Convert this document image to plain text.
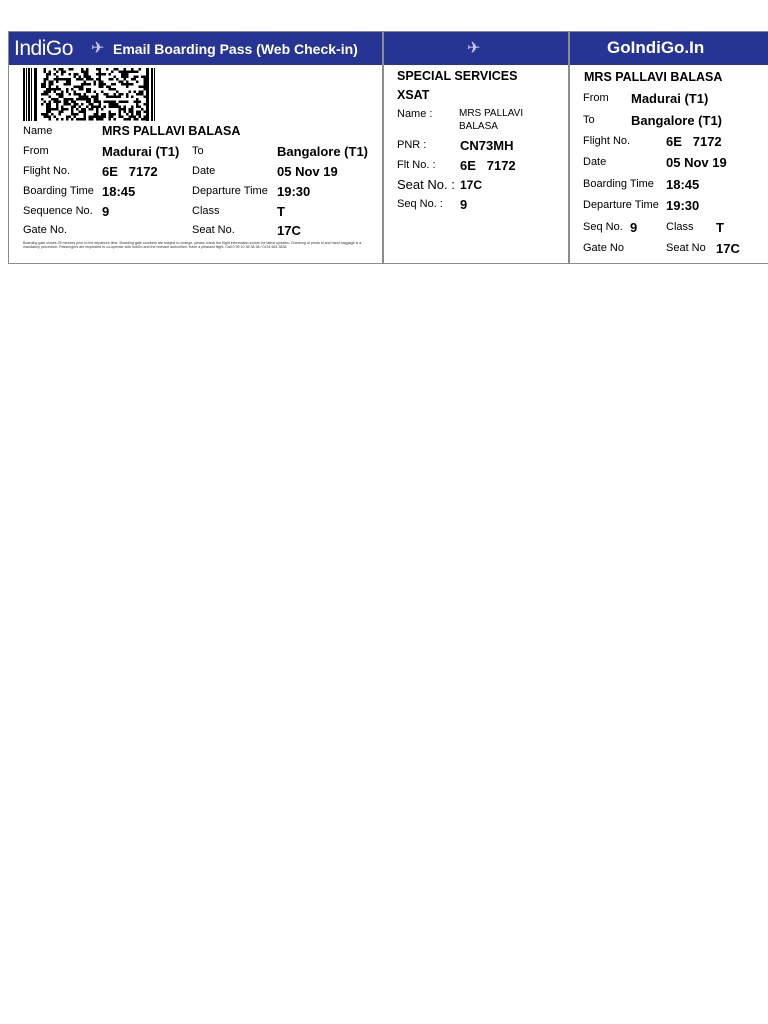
IndiGo ✈ Email Boarding Pass (Web Check-in)	✈	GoIndiGo.In
Name	MRS PALLAVI BALASA
From	Madurai (T1) To	Bangalore (T1)
Flight No. 6E   7172	Date	05 Nov 19
Boarding Time 18:45	Departure Time 19:30
Sequence No. 9	Class	T
Gate No.	Seat No.	17C
Boarding gate closes 25 minutes prior to the departure time. Boarding gate numbers are subject to change, please check the flight information screen for latest updates. Checking of photo id and hand baggage is a mandatory procedure. Passengers are requested to co-operate with IndiGo and the relevant authorities. Have a pleasant flight. Call 0 99 10 38 38 38 / 0124 661 3838
SPECIAL SERVICES
XSAT
Name :	MRS PALLAVI
BALASA
PNR :	CN73MH
Flt No. : 6E   7172
Seat No. : 17C
Seq No. : 9
MRS PALLAVI BALASA
From Madurai (T1)
To	Bangalore (T1)
Flight No.	6E   7172
Date	05 Nov 19
Boarding Time 18:45
Departure Time 19:30
Seq No. 9	Class T
Gate No	Seat No 17C
